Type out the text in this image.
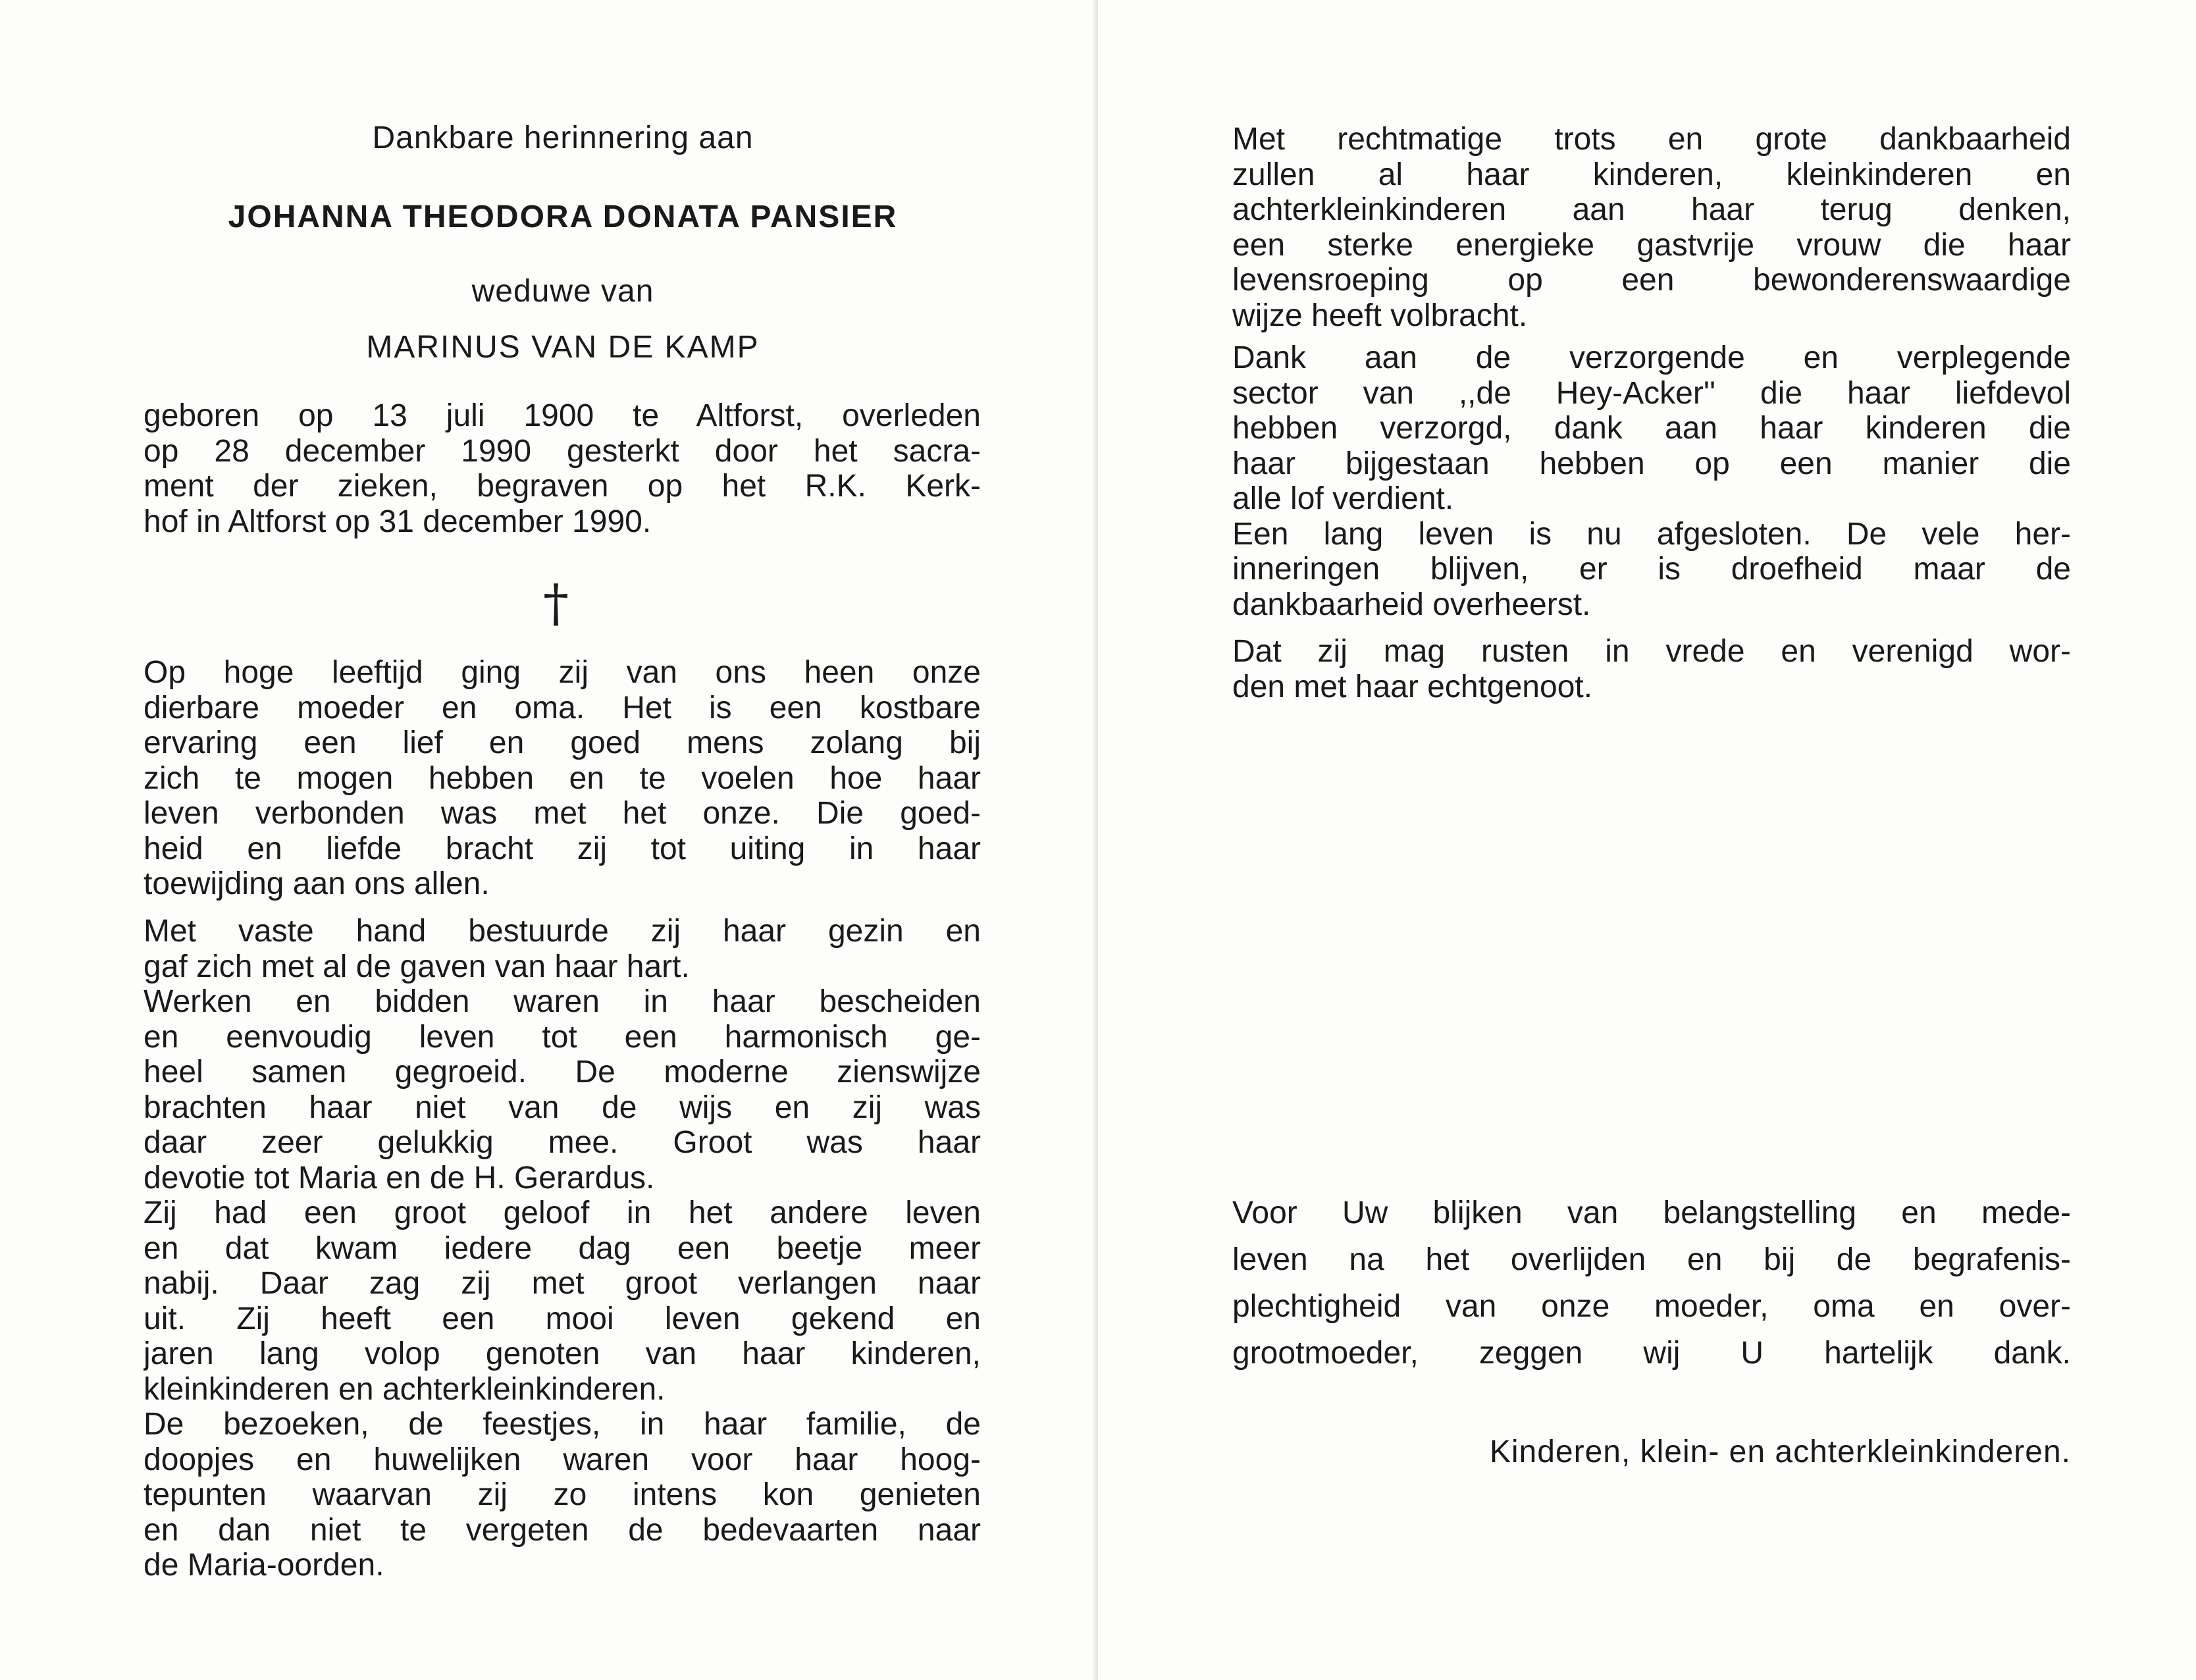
Dankbare herinnering aan

JOHANNA THEODORA DONATA PANSIER

weduwe van

MARINUS VAN DE KAMP

geboren op 13 juli 1900 te Altforst, overleden
op 28 december 1990 gesterkt door het sacra-
ment der zieken, begraven op het R.K. Kerk-
hof in Altforst op 31 december 1990.

†

Op hoge leeftijd ging zij van ons heen onze
dierbare moeder en oma. Het is een kostbare
ervaring een lief en goed mens zolang bij
zich te mogen hebben en te voelen hoe haar
leven verbonden was met het onze. Die goed-
heid en liefde bracht zij tot uiting in haar
toewijding aan ons allen.
Met vaste hand bestuurde zij haar gezin en
gaf zich met al de gaven van haar hart.
Werken en bidden waren in haar bescheiden
en eenvoudig leven tot een harmonisch ge-
heel samen gegroeid. De moderne zienswijze
brachten haar niet van de wijs en zij was
daar zeer gelukkig mee. Groot was haar
devotie tot Maria en de H. Gerardus.
Zij had een groot geloof in het andere leven
en dat kwam iedere dag een beetje meer
nabij. Daar zag zij met groot verlangen naar
uit. Zij heeft een mooi leven gekend en
jaren lang volop genoten van haar kinderen,
kleinkinderen en achterkleinkinderen.
De bezoeken, de feestjes, in haar familie, de
doopjes en huwelijken waren voor haar hoog-
tepunten waarvan zij zo intens kon genieten
en dan niet te vergeten de bedevaarten naar
de Maria-oorden.
Met rechtmatige trots en grote dankbaarheid
zullen al haar kinderen, kleinkinderen en
achterkleinkinderen aan haar terug denken,
een sterke energieke gastvrije vrouw die haar
levensroeping op een bewonderenswaardige
wijze heeft volbracht.
Dank aan de verzorgende en verplegende
sector van ,,de Hey-Acker'' die haar liefdevol
hebben verzorgd, dank aan haar kinderen die
haar bijgestaan hebben op een manier die
alle lof verdient.
Een lang leven is nu afgesloten. De vele her-
inneringen blijven, er is droefheid maar de
dankbaarheid overheerst.
Dat zij mag rusten in vrede en verenigd wor-
den met haar echtgenoot.
Voor Uw blijken van belangstelling en mede-
leven na het overlijden en bij de begrafenis-
plechtigheid van onze moeder, oma en over-
grootmoeder, zeggen wij U hartelijk dank.

Kinderen, klein- en achterkleinkinderen.
